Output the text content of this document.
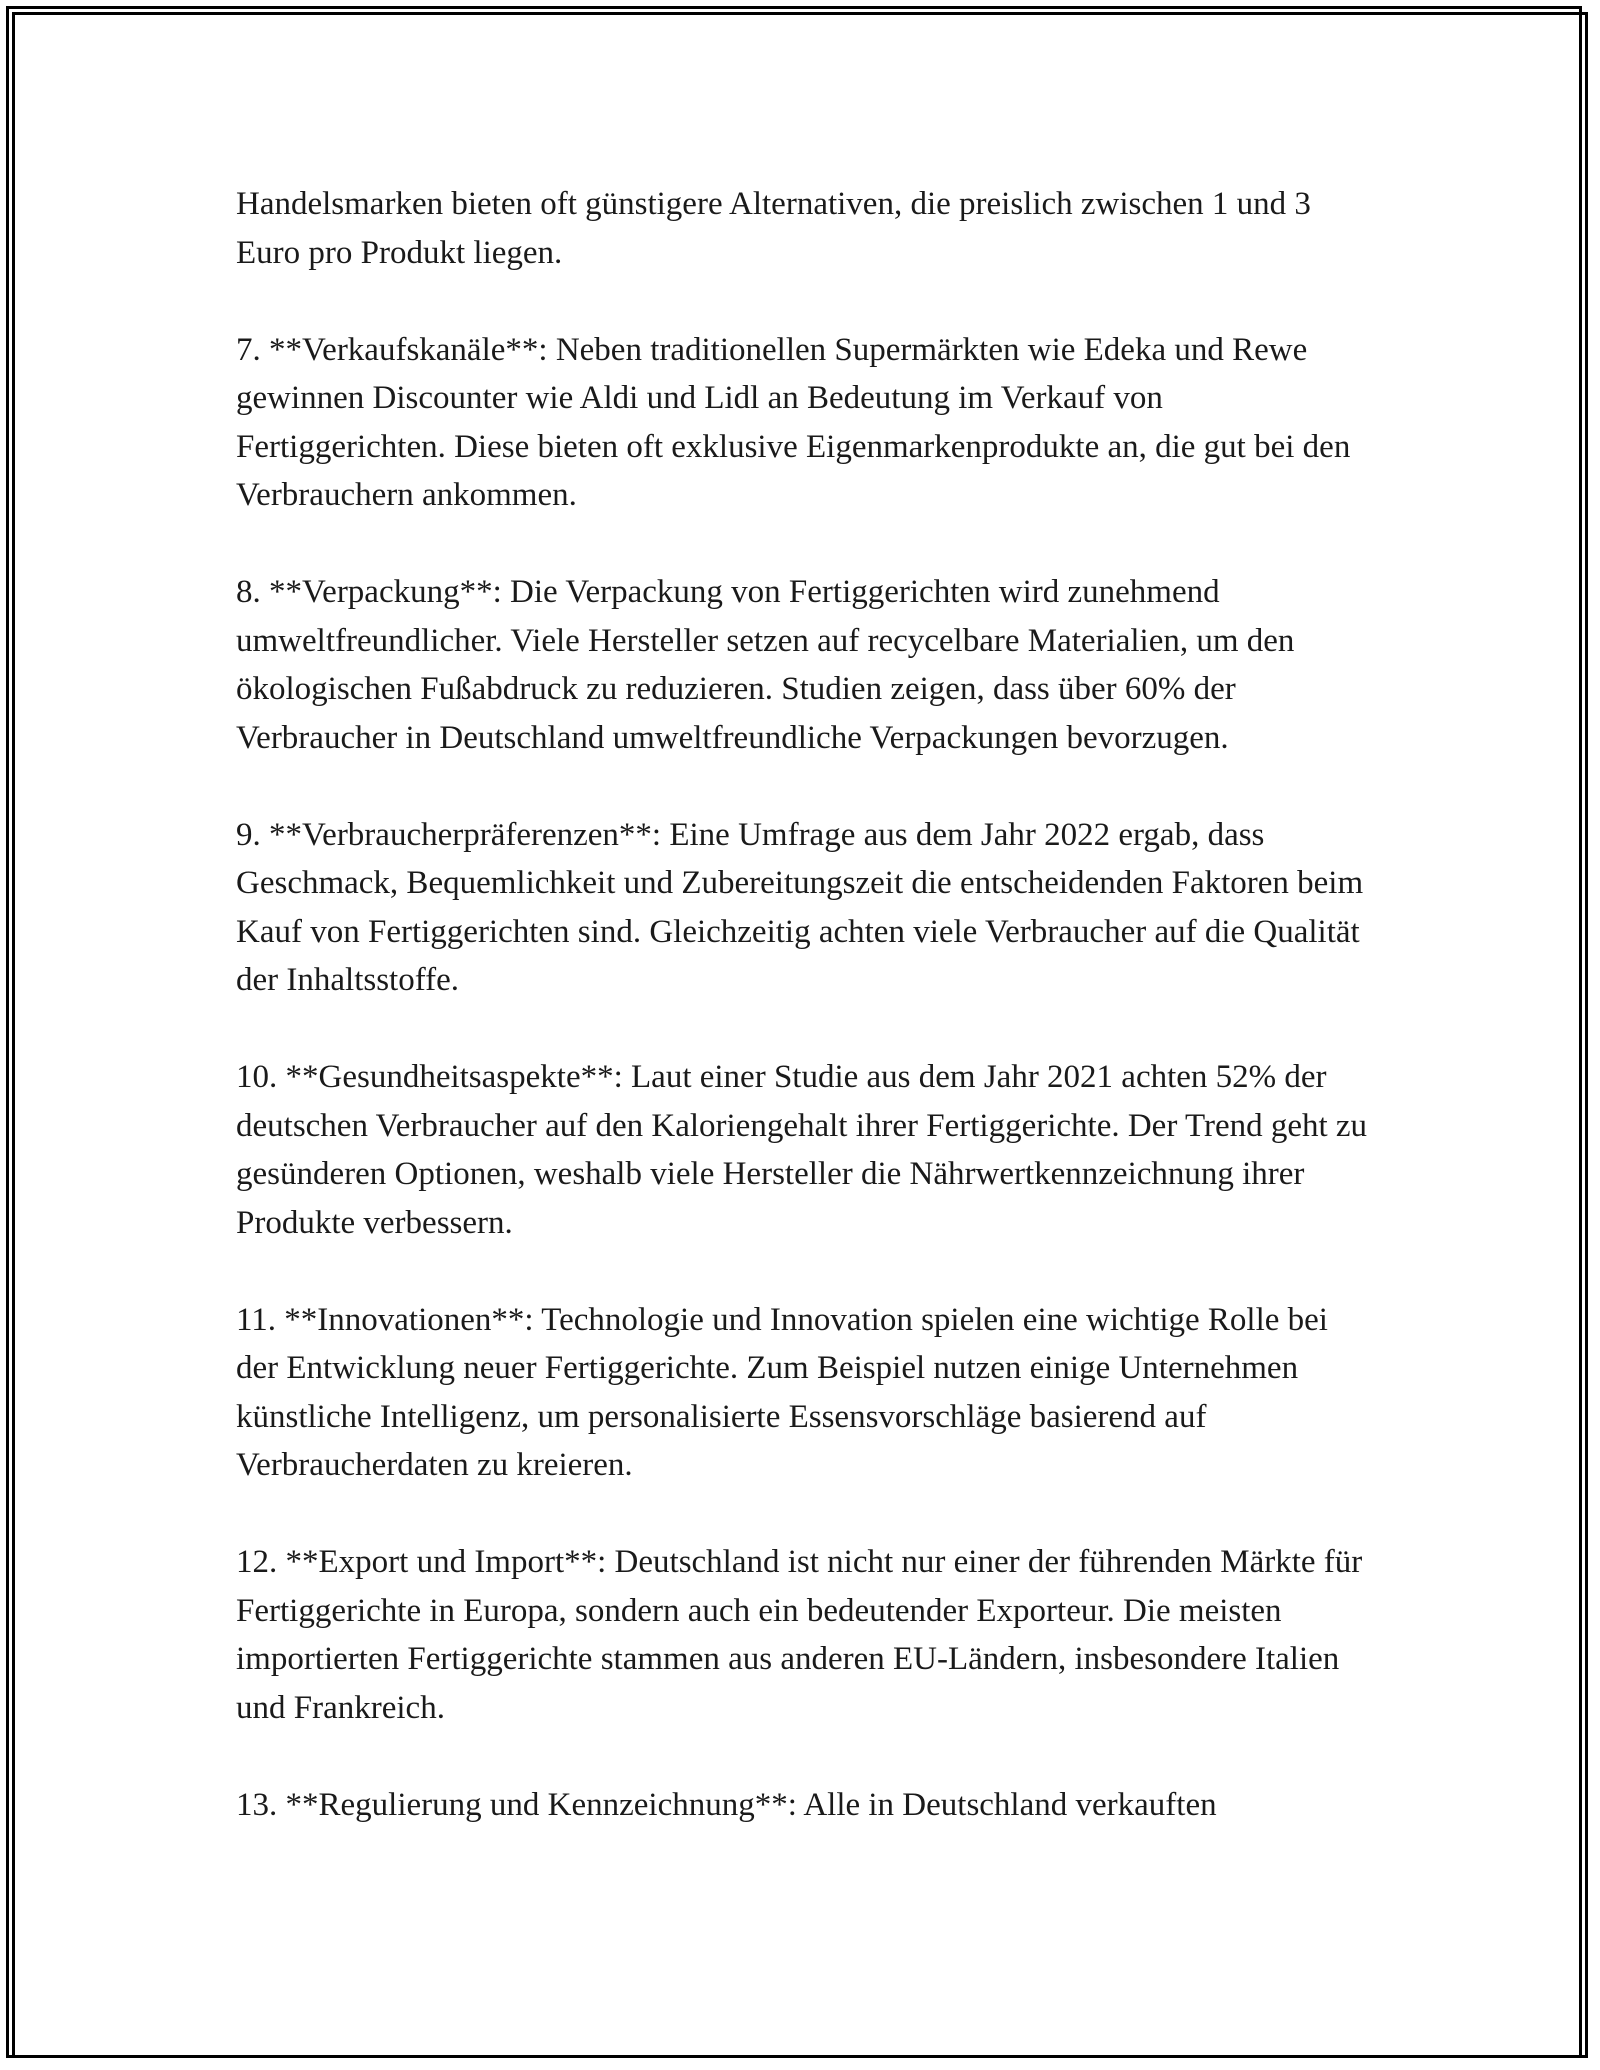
Handelsmarken bieten oft günstigere Alternativen, die preislich zwischen 1 und 3 Euro pro Produkt liegen.

7. **Verkaufskanäle**: Neben traditionellen Supermärkten wie Edeka und Rewe gewinnen Discounter wie Aldi und Lidl an Bedeutung im Verkauf von Fertiggerichten. Diese bieten oft exklusive Eigenmarkenprodukte an, die gut bei den Verbrauchern ankommen.

8. **Verpackung**: Die Verpackung von Fertiggerichten wird zunehmend umweltfreundlicher. Viele Hersteller setzen auf recycelbare Materialien, um den ökologischen Fußabdruck zu reduzieren. Studien zeigen, dass über 60% der Verbraucher in Deutschland umweltfreundliche Verpackungen bevorzugen.

9. **Verbraucherpräferenzen**: Eine Umfrage aus dem Jahr 2022 ergab, dass Geschmack, Bequemlichkeit und Zubereitungszeit die entscheidenden Faktoren beim Kauf von Fertiggerichten sind. Gleichzeitig achten viele Verbraucher auf die Qualität der Inhaltsstoffe.

10. **Gesundheitsaspekte**: Laut einer Studie aus dem Jahr 2021 achten 52% der deutschen Verbraucher auf den Kaloriengehalt ihrer Fertiggerichte. Der Trend geht zu gesünderen Optionen, weshalb viele Hersteller die Nährwertkennzeichnung ihrer Produkte verbessern.

11. **Innovationen**: Technologie und Innovation spielen eine wichtige Rolle bei der Entwicklung neuer Fertiggerichte. Zum Beispiel nutzen einige Unternehmen künstliche Intelligenz, um personalisierte Essensvorschläge basierend auf Verbraucherdaten zu kreieren.

12. **Export und Import**: Deutschland ist nicht nur einer der führenden Märkte für Fertiggerichte in Europa, sondern auch ein bedeutender Exporteur. Die meisten importierten Fertiggerichte stammen aus anderen EU-Ländern, insbesondere Italien und Frankreich.

13. **Regulierung und Kennzeichnung**: Alle in Deutschland verkauften
